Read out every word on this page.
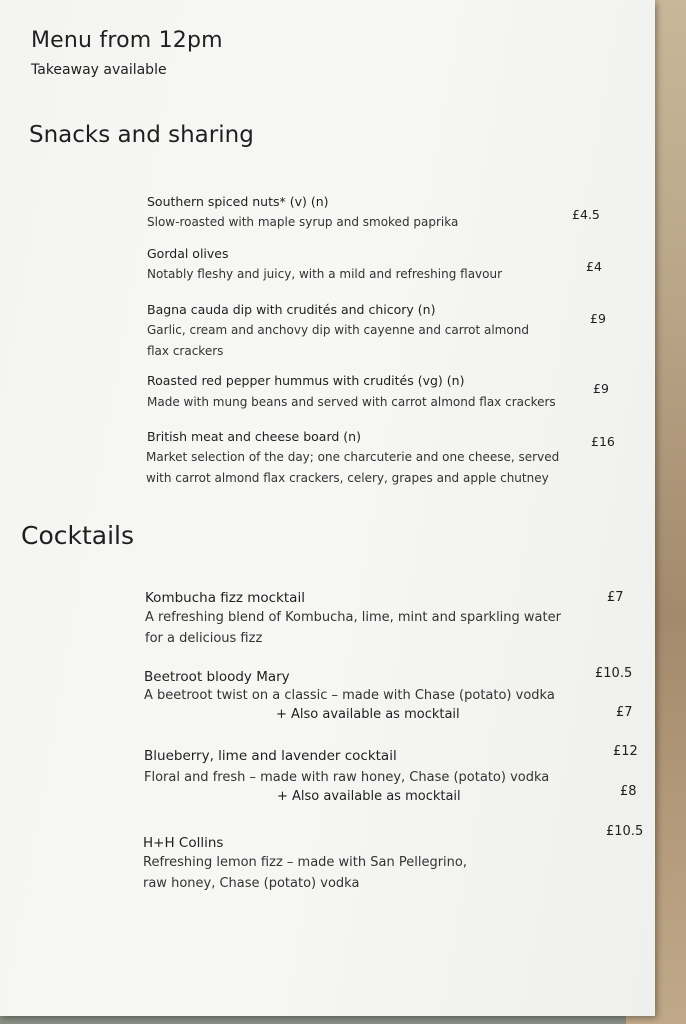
Menu from 12pm
Takeaway available
Snacks and sharing
Southern spiced nuts* (v) (n)
Slow-roasted with maple syrup and smoked paprika	£4.5
Gordal olives
Notably fleshy and juicy, with a mild and refreshing flavour	£4
Bagna cauda dip with crudités and chicory (n)
Garlic, cream and anchovy dip with cayenne and carrot almond flax crackers
£9
Roasted red pepper hummus with crudités (vg) (n)
Made with mung beans and served with carrot almond flax crackers
£9
British meat and cheese board (n)
Market selection of the day; one charcuterie and one cheese, served with carrot almond flax crackers, celery, grapes and apple chutney
£16
Cocktails
Kombucha fizz mocktail
A refreshing blend of Kombucha, lime, mint and sparkling water for a delicious fizz
£7
Beetroot bloody Mary
A beetroot twist on a classic – made with Chase (potato) vodka
£10.5
+ Also available as mocktail	£7
Blueberry, lime and lavender cocktail
Floral and fresh – made with raw honey, Chase (potato) vodka
£12
+ Also available as mocktail	£8
H+H Collins
Refreshing lemon fizz – made with San Pellegrino, raw honey, Chase (potato) vodka
£10.5
